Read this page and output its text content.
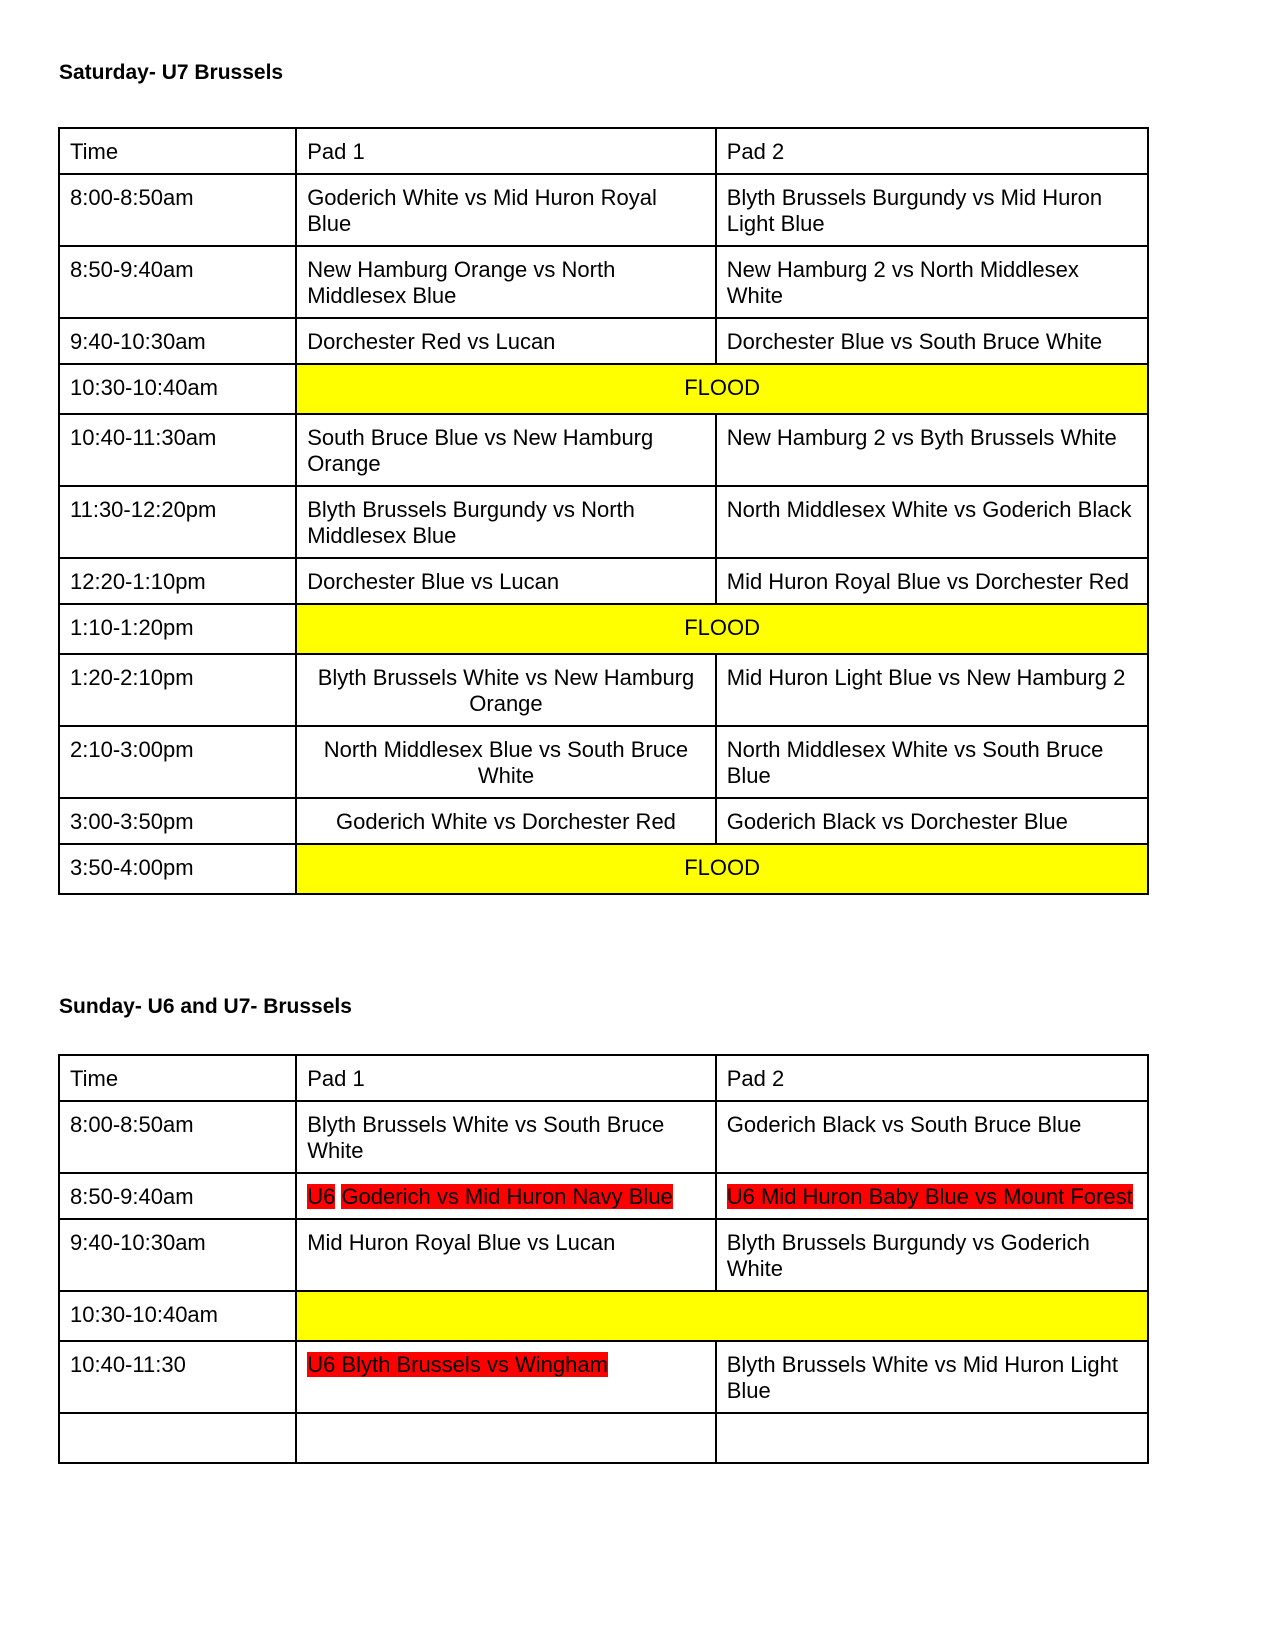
Saturday- U7 Brussels
Time	Pad 1	Pad 2
8:00-8:50am	Goderich White vs Mid Huron Royal Blue	Blyth Brussels Burgundy vs Mid Huron Light Blue
8:50-9:40am	New Hamburg Orange vs North Middlesex Blue	New Hamburg 2 vs North Middlesex White
9:40-10:30am	Dorchester Red vs Lucan	Dorchester Blue vs South Bruce White
10:30-10:40am	FLOOD	
10:40-11:30am	South Bruce Blue vs New Hamburg Orange	New Hamburg 2 vs Byth Brussels White
11:30-12:20pm	Blyth Brussels Burgundy vs North Middlesex Blue	North Middlesex White vs Goderich Black
12:20-1:10pm	Dorchester Blue vs Lucan	Mid Huron Royal Blue vs Dorchester Red
1:10-1:20pm	FLOOD	
1:20-2:10pm	Blyth Brussels White vs New Hamburg Orange	Mid Huron Light Blue vs New Hamburg 2
2:10-3:00pm	North Middlesex Blue vs South Bruce White	North Middlesex White vs South Bruce Blue
3:00-3:50pm	Goderich White vs Dorchester Red	Goderich Black vs Dorchester Blue
3:50-4:00pm	FLOOD	
Sunday- U6 and U7- Brussels
Time	Pad 1	Pad 2
8:00-8:50am	Blyth Brussels White vs South Bruce White	Goderich Black vs South Bruce Blue
8:50-9:40am	U6 Goderich vs Mid Huron Navy Blue	U6 Mid Huron Baby Blue vs Mount Forest
9:40-10:30am	Mid Huron Royal Blue vs Lucan	Blyth Brussels Burgundy vs Goderich White
10:30-10:40am		
10:40-11:30	U6 Blyth Brussels vs Wingham	Blyth Brussels White vs Mid Huron Light Blue
